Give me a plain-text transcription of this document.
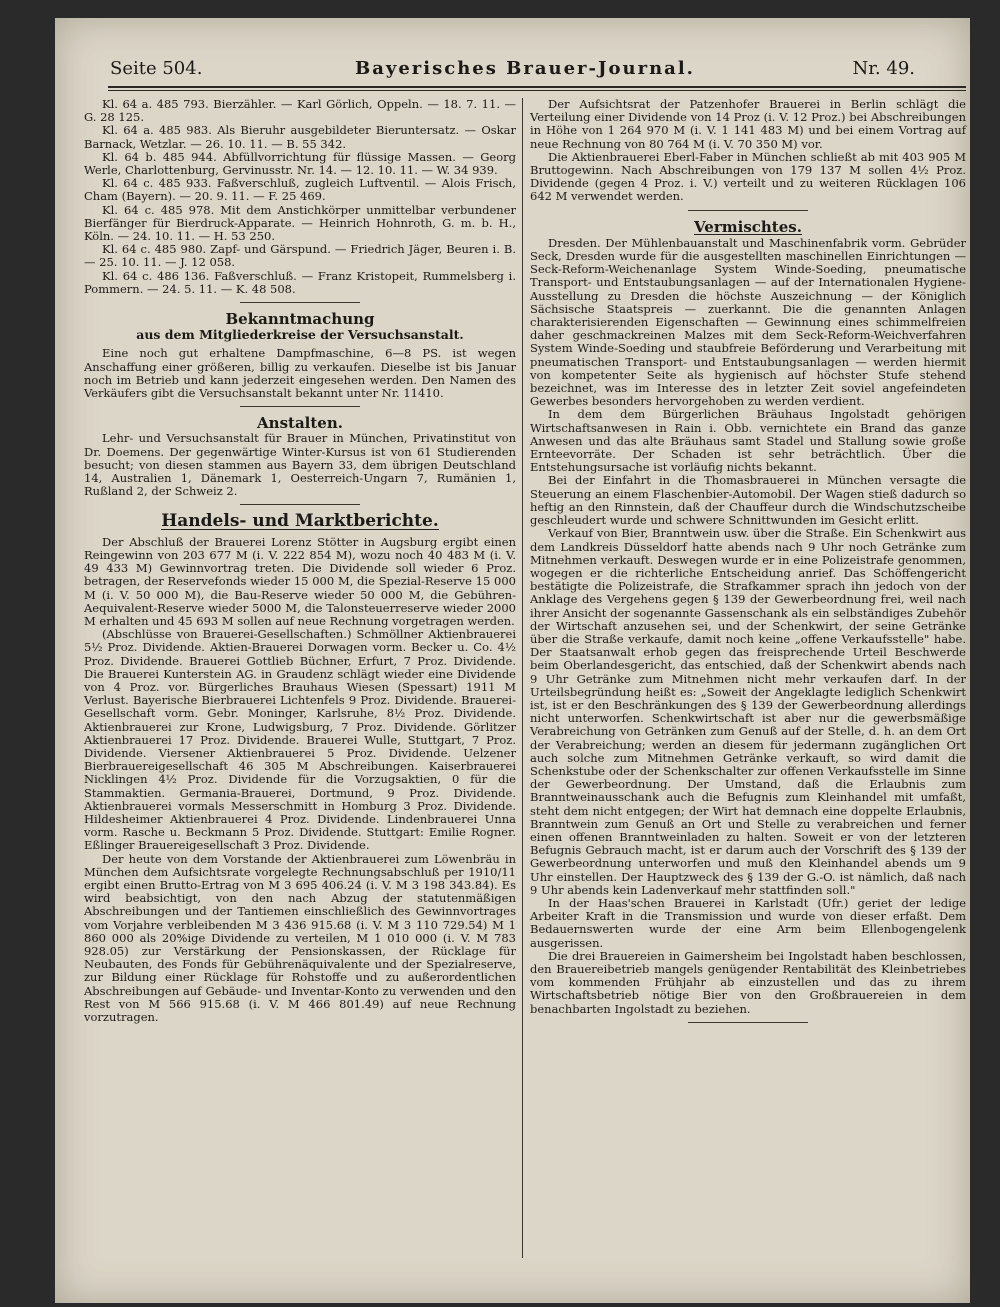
Seite 504.	Bayerisches Brauer-Journal.	Nr. 49.

Kl. 64 a. 485 793. Bierzähler. — Karl Görlich, Oppeln. — 18. 7. 11. — G. 28 125.

Kl. 64 a. 485 983. Als Bieruhr ausgebildeter Bieruntersatz. — Oskar Barnack, Wetzlar. — 26. 10. 11. — B. 55 342.

Kl. 64 b. 485 944. Abfüllvorrichtung für flüssige Massen. — Georg Werle, Charlottenburg, Gervinusstr. Nr. 14. — 12. 10. 11. — W. 34 939.

Kl. 64 c. 485 933. Faßverschluß, zugleich Luftventil. — Alois Frisch, Cham (Bayern). — 20. 9. 11. — F. 25 469.

Kl. 64 c. 485 978. Mit dem Anstichkörper unmittelbar verbundener Bierfänger für Bierdruck-Apparate. — Heinrich Hohnroth, G. m. b. H., Köln. — 24. 10. 11. — H. 53 250.

Kl. 64 c. 485 980. Zapf- und Gärspund. — Friedrich Jäger, Beuren i. B. — 25. 10. 11. — J. 12 058.

Kl. 64 c. 486 136. Faßverschluß. — Franz Kristopeit, Rummelsberg i. Pommern. — 24. 5. 11. — K. 48 508.

Bekanntmachung
aus dem Mitgliederkreise der Versuchsanstalt.

Eine noch gut erhaltene Dampfmaschine, 6—8 PS. ist wegen Anschaffung einer größeren, billig zu verkaufen. Dieselbe ist bis Januar noch im Betrieb und kann jederzeit eingesehen werden. Den Namen des Verkäufers gibt die Versuchsanstalt bekannt unter Nr. 11410.

Anstalten.

Lehr- und Versuchsanstalt für Brauer in München, Privatinstitut von Dr. Doemens. Der gegenwärtige Winter-Kursus ist von 61 Studierenden besucht; von diesen stammen aus Bayern 33, dem übrigen Deutschland 14, Australien 1, Dänemark 1, Oesterreich-Ungarn 7, Rumänien 1, Rußland 2, der Schweiz 2.

Handels- und Marktberichte.

Der Abschluß der Brauerei Lorenz Stötter in Augsburg ergibt einen Reingewinn von 203 677 M (i. V. 222 854 M), wozu noch 40 483 M (i. V. 49 433 M) Gewinnvortrag treten. Die Dividende soll wieder 6 Proz. betragen, der Reservefonds wieder 15 000 M, die Spezial-Reserve 15 000 M (i. V. 50 000 M), die Bau-Reserve wieder 50 000 M, die Gebühren-Aequivalent-Reserve wieder 5000 M, die Talonsteuerreserve wieder 2000 M erhalten und 45 693 M sollen auf neue Rechnung vorgetragen werden.

(Abschlüsse von Brauerei-Gesellschaften.) Schmöllner Aktienbrauerei 5½ Proz. Dividende. Aktien-Brauerei Dorwagen vorm. Becker u. Co. 4½ Proz. Dividende. Brauerei Gottlieb Büchner, Erfurt, 7 Proz. Dividende. Die Brauerei Kunterstein AG. in Graudenz schlägt wieder eine Dividende von 4 Proz. vor. Bürgerliches Brauhaus Wiesen (Spessart) 1911 M Verlust. Bayerische Bierbrauerei Lichtenfels 9 Proz. Dividende. Brauerei-Gesellschaft vorm. Gebr. Moninger, Karlsruhe, 8½ Proz. Dividende. Aktienbrauerei zur Krone, Ludwigsburg, 7 Proz. Dividende. Görlitzer Aktienbrauerei 17 Proz. Dividende. Brauerei Wulle, Stuttgart, 7 Proz. Dividende. Viersener Aktienbrauerei 5 Proz. Dividende. Uelzener Bierbrauereigesellschaft 46 305 M Abschreibungen. Kaiserbrauerei Nicklingen 4½ Proz. Dividende für die Vorzugsaktien, 0 für die Stammaktien. Germania-Brauerei, Dortmund, 9 Proz. Dividende. Aktienbrauerei vormals Messerschmitt in Homburg 3 Proz. Dividende. Hildesheimer Aktienbrauerei 4 Proz. Dividende. Lindenbrauerei Unna vorm. Rasche u. Beckmann 5 Proz. Dividende. Stuttgart: Emilie Rogner. Eßlinger Brauereigesellschaft 3 Proz. Dividende.

Der heute von dem Vorstande der Aktienbrauerei zum Löwenbräu in München dem Aufsichtsrate vorgelegte Rechnungsabschluß per 1910/11 ergibt einen Brutto-Ertrag von M 3 695 406.24 (i. V. M 3 198 343.84). Es wird beabsichtigt, von den nach Abzug der statutenmäßigen Abschreibungen und der Tantiemen einschließlich des Gewinnvortrages vom Vorjahre verbleibenden M 3 436 915.68 (i. V. M 3 110 729.54) M 1 860 000 als 20%ige Dividende zu verteilen, M 1 010 000 (i. V. M 783 928.05) zur Verstärkung der Pensionskassen, der Rücklage für Neubauten, des Fonds für Gebührenäquivalente und der Spezialreserve, zur Bildung einer Rücklage für Rohstoffe und zu außerordentlichen Abschreibungen auf Gebäude- und Inventar-Konto zu verwenden und den Rest von M 566 915.68 (i. V. M 466 801.49) auf neue Rechnung vorzutragen.

Der Aufsichtsrat der Patzenhofer Brauerei in Berlin schlägt die Verteilung einer Dividende von 14 Proz (i. V. 12 Proz.) bei Abschreibungen in Höhe von 1 264 970 M (i. V. 1 141 483 M) und bei einem Vortrag auf neue Rechnung von 80 764 M (i. V. 70 350 M) vor.

Die Aktienbrauerei Eberl-Faber in München schließt ab mit 403 905 M Bruttogewinn. Nach Abschreibungen von 179 137 M sollen 4½ Proz. Dividende (gegen 4 Proz. i. V.) verteilt und zu weiteren Rücklagen 106 642 M verwendet werden.

Vermischtes.

Dresden. Der Mühlenbauanstalt und Maschinenfabrik vorm. Gebrüder Seck, Dresden wurde für die ausgestellten maschinellen Einrichtungen — Seck-Reform-Weichenanlage System Winde-Soeding, pneumatische Transport- und Entstaubungsanlagen — auf der Internationalen Hygiene-Ausstellung zu Dresden die höchste Auszeichnung — der Königlich Sächsische Staatspreis — zuerkannt. Die die genannten Anlagen charakterisierenden Eigenschaften — Gewinnung eines schimmelfreien daher geschmackreinen Malzes mit dem Seck-Reform-Weichverfahren System Winde-Soeding und staubfreie Beförderung und Verarbeitung mit pneumatischen Transport- und Entstaubungsanlagen — werden hiermit von kompetenter Seite als hygienisch auf höchster Stufe stehend bezeichnet, was im Interesse des in letzter Zeit soviel angefeindeten Gewerbes besonders hervorgehoben zu werden verdient.

In dem dem Bürgerlichen Bräuhaus Ingolstadt gehörigen Wirtschaftsanwesen in Rain i. Obb. vernichtete ein Brand das ganze Anwesen und das alte Bräuhaus samt Stadel und Stallung sowie große Ernteevorräte. Der Schaden ist sehr beträchtlich. Über die Entstehungsursache ist vorläufig nichts bekannt.

Bei der Einfahrt in die Thomasbrauerei in München versagte die Steuerung an einem Flaschenbier-Automobil. Der Wagen stieß dadurch so heftig an den Rinnstein, daß der Chauffeur durch die Windschutzscheibe geschleudert wurde und schwere Schnittwunden im Gesicht erlitt.

Verkauf von Bier, Branntwein usw. über die Straße. Ein Schenkwirt aus dem Landkreis Düsseldorf hatte abends nach 9 Uhr noch Getränke zum Mitnehmen verkauft. Deswegen wurde er in eine Polizeistrafe genommen, wogegen er die richterliche Entscheidung anrief. Das Schöffengericht bestätigte die Polizeistrafe, die Strafkammer sprach ihn jedoch von der Anklage des Vergehens gegen § 139 der Gewerbeordnung frei, weil nach ihrer Ansicht der sogenannte Gassenschank als ein selbständiges Zubehör der Wirtschaft anzusehen sei, und der Schenkwirt, der seine Getränke über die Straße verkaufe, damit noch keine „offene Verkaufsstelle" habe. Der Staatsanwalt erhob gegen das freisprechende Urteil Beschwerde beim Oberlandesgericht, das entschied, daß der Schenkwirt abends nach 9 Uhr Getränke zum Mitnehmen nicht mehr verkaufen darf. In der Urteilsbegründung heißt es: „Soweit der Angeklagte lediglich Schenkwirt ist, ist er den Beschränkungen des § 139 der Gewerbeordnung allerdings nicht unterworfen. Schenkwirtschaft ist aber nur die gewerbsmäßige Verabreichung von Getränken zum Genuß auf der Stelle, d. h. an dem Ort der Verabreichung; werden an diesem für jedermann zugänglichen Ort auch solche zum Mitnehmen Getränke verkauft, so wird damit die Schenkstube oder der Schenkschalter zur offenen Verkaufsstelle im Sinne der Gewerbeordnung. Der Umstand, daß die Erlaubnis zum Branntweinausschank auch die Befugnis zum Kleinhandel mit umfaßt, steht dem nicht entgegen; der Wirt hat demnach eine doppelte Erlaubnis, Branntwein zum Genuß an Ort und Stelle zu verabreichen und ferner einen offenen Branntweinladen zu halten. Soweit er von der letzteren Befugnis Gebrauch macht, ist er darum auch der Vorschrift des § 139 der Gewerbeordnung unterworfen und muß den Kleinhandel abends um 9 Uhr einstellen. Der Hauptzweck des § 139 der G.-O. ist nämlich, daß nach 9 Uhr abends kein Ladenverkauf mehr stattfinden soll."

In der Haas'schen Brauerei in Karlstadt (Ufr.) geriet der ledige Arbeiter Kraft in die Transmission und wurde von dieser erfaßt. Dem Bedauernswerten wurde der eine Arm beim Ellenbogengelenk ausgerissen.

Die drei Brauereien in Gaimersheim bei Ingolstadt haben beschlossen, den Brauereibetrieb mangels genügender Rentabilität des Kleinbetriebes vom kommenden Frühjahr ab einzustellen und das zu ihrem Wirtschaftsbetrieb nötige Bier von den Großbrauereien in dem benachbarten Ingolstadt zu beziehen.
